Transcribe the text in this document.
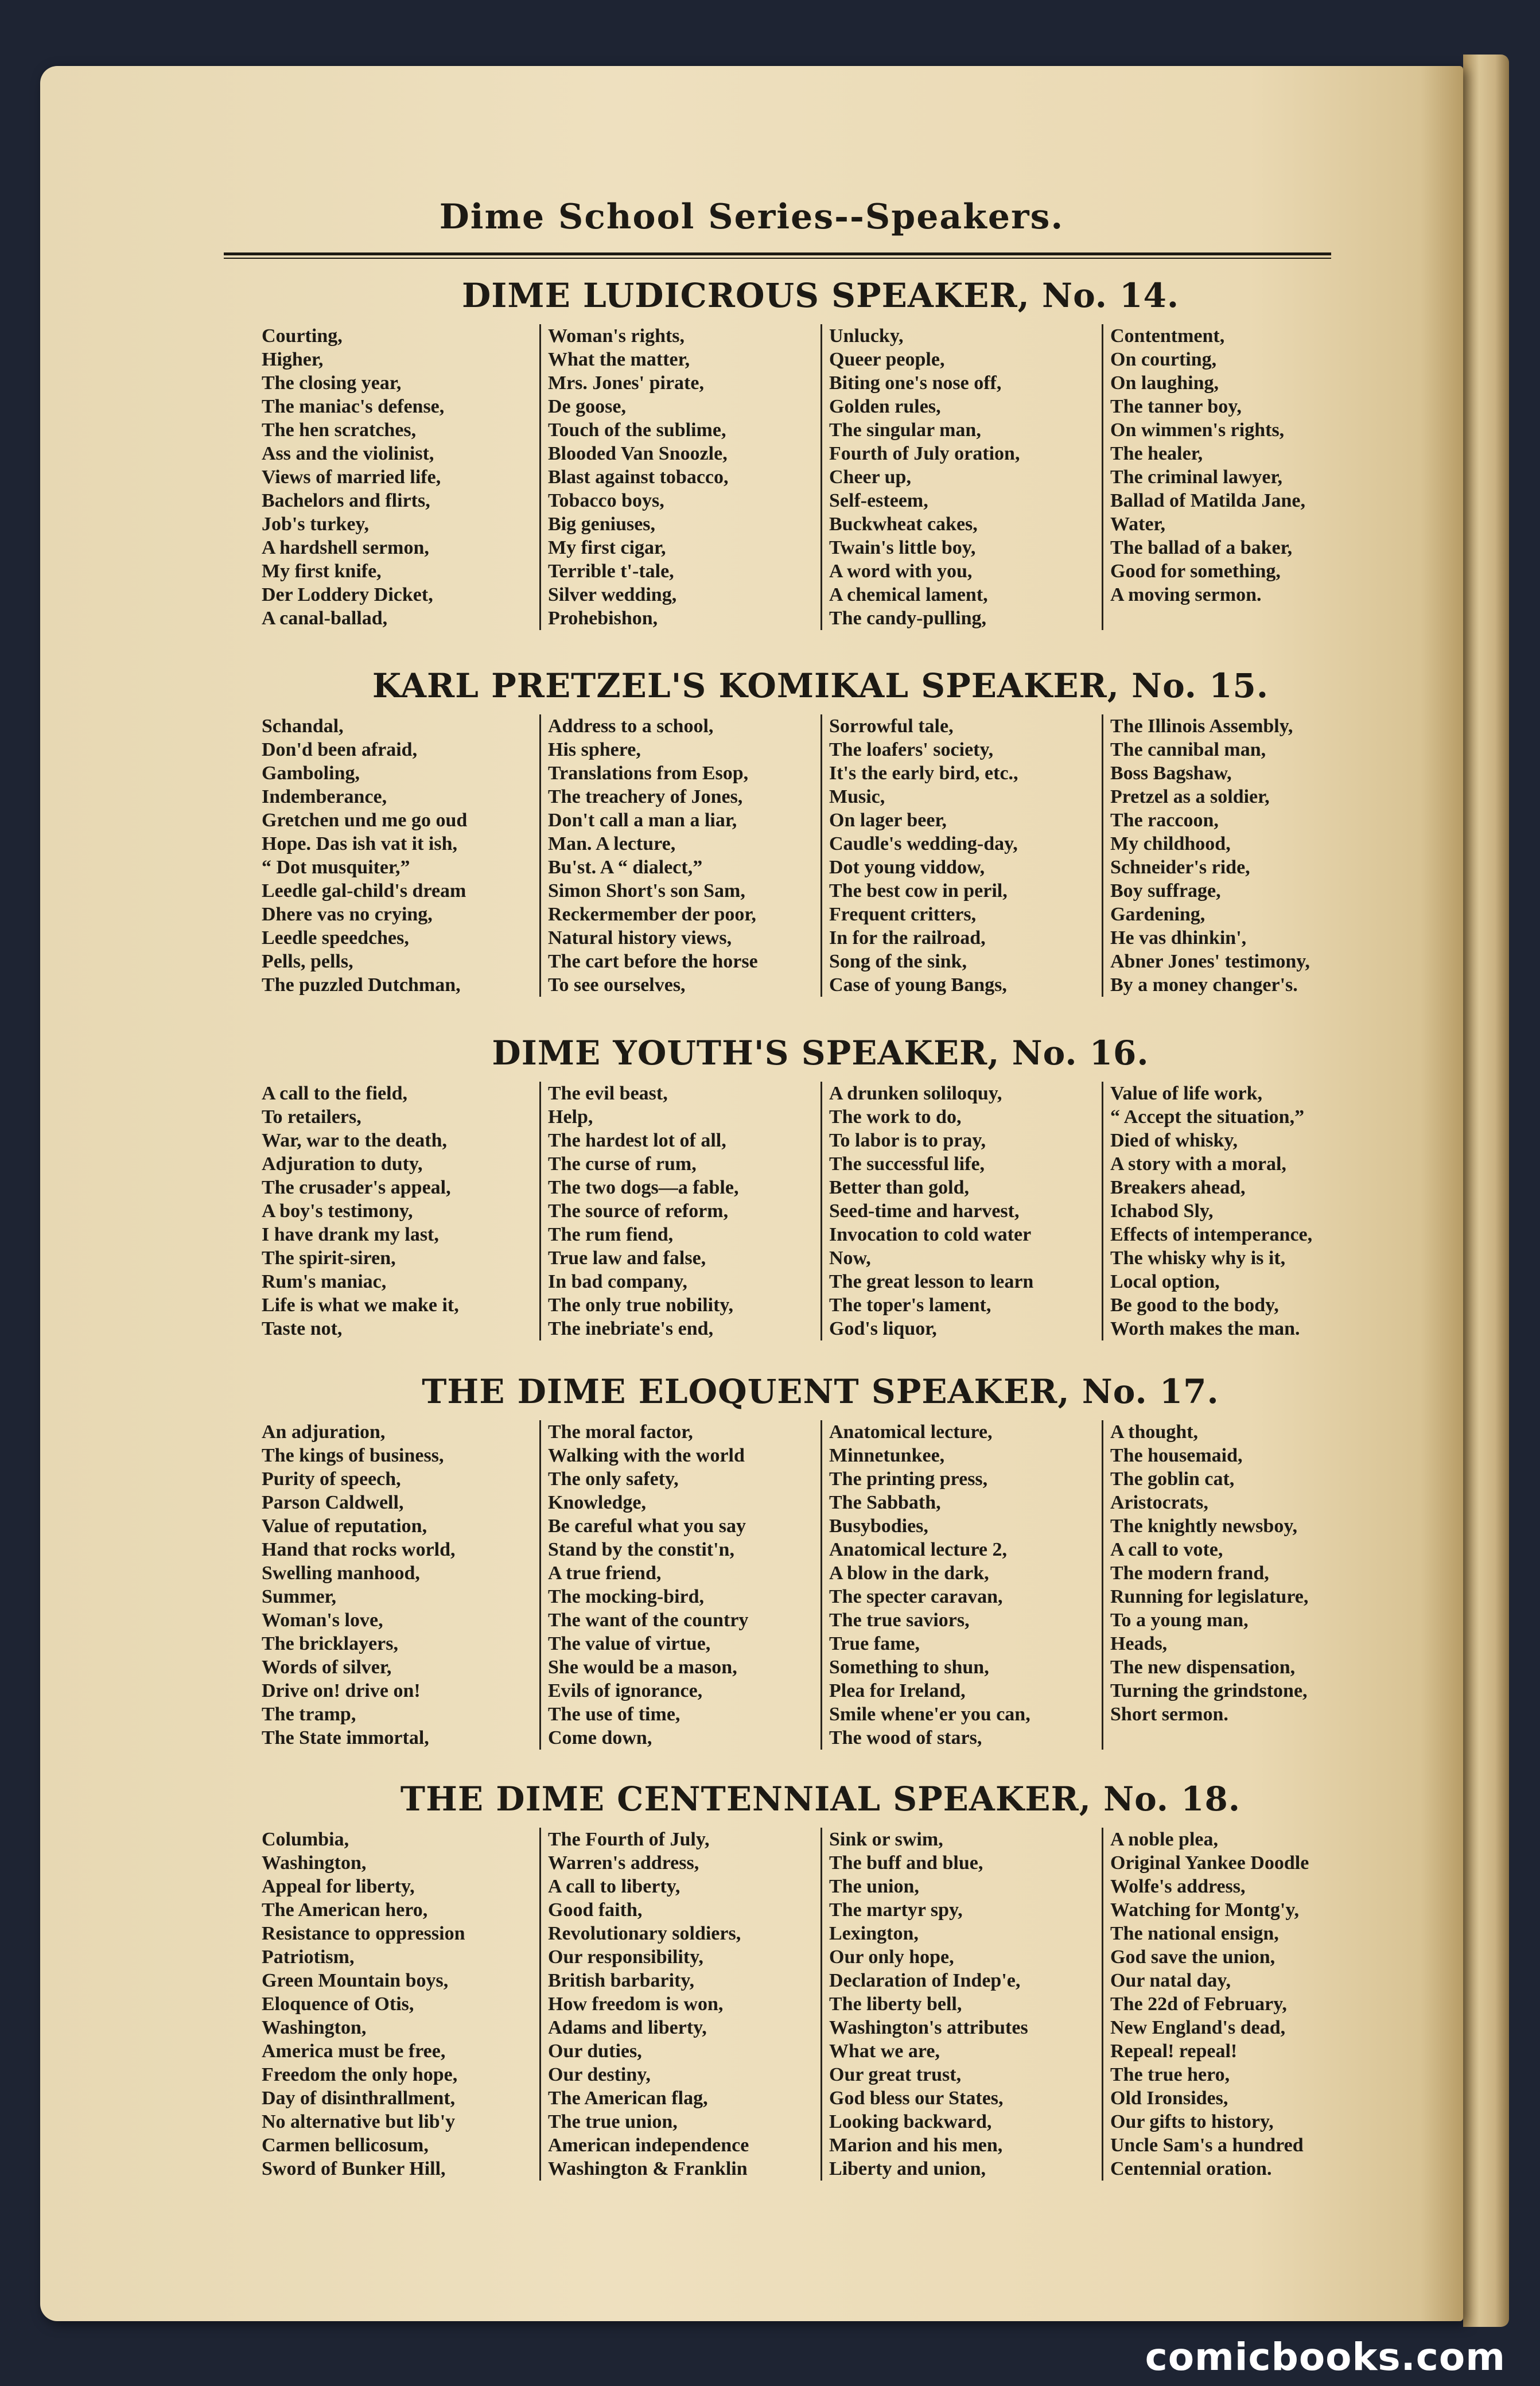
Dime School Series--Speakers.
DIME LUDICROUS SPEAKER, No. 14.
Courting,
Higher,
The closing year,
The maniac's defense,
The hen scratches,
Ass and the violinist,
Views of married life,
Bachelors and flirts,
Job's turkey,
A hardshell sermon,
My first knife,
Der Loddery Dicket,
A canal-ballad,
Woman's rights,
What the matter,
Mrs. Jones' pirate,
De goose,
Touch of the sublime,
Blooded Van Snoozle,
Blast against tobacco,
Tobacco boys,
Big geniuses,
My first cigar,
Terrible t'-tale,
Silver wedding,
Prohebishon,
Unlucky,
Queer people,
Biting one's nose off,
Golden rules,
The singular man,
Fourth of July oration,
Cheer up,
Self-esteem,
Buckwheat cakes,
Twain's little boy,
A word with you,
A chemical lament,
The candy-pulling,
Contentment,
On courting,
On laughing,
The tanner boy,
On wimmen's rights,
The healer,
The criminal lawyer,
Ballad of Matilda Jane,
Water,
The ballad of a baker,
Good for something,
A moving sermon.
KARL PRETZEL'S KOMIKAL SPEAKER, No. 15.
Schandal,
Don'd been afraid,
Gamboling,
Indemberance,
Gretchen und me go oud
Hope. Das ish vat it ish,
“ Dot musquiter,”
Leedle gal-child's dream
Dhere vas no crying,
Leedle speedches,
Pells, pells,
The puzzled Dutchman,
Address to a school,
His sphere,
Translations from Esop,
The treachery of Jones,
Don't call a man a liar,
Man. A lecture,
Bu'st. A “ dialect,”
Simon Short's son Sam,
Reckermember der poor,
Natural history views,
The cart before the horse
To see ourselves,
Sorrowful tale,
The loafers' society,
It's the early bird, etc.,
Music,
On lager beer,
Caudle's wedding-day,
Dot young viddow,
The best cow in peril,
Frequent critters,
In for the railroad,
Song of the sink,
Case of young Bangs,
The Illinois Assembly,
The cannibal man,
Boss Bagshaw,
Pretzel as a soldier,
The raccoon,
My childhood,
Schneider's ride,
Boy suffrage,
Gardening,
He vas dhinkin',
Abner Jones' testimony,
By a money changer's.
DIME YOUTH'S SPEAKER, No. 16.
A call to the field,
To retailers,
War, war to the death,
Adjuration to duty,
The crusader's appeal,
A boy's testimony,
I have drank my last,
The spirit-siren,
Rum's maniac,
Life is what we make it,
Taste not,
The evil beast,
Help,
The hardest lot of all,
The curse of rum,
The two dogs—a fable,
The source of reform,
The rum fiend,
True law and false,
In bad company,
The only true nobility,
The inebriate's end,
A drunken soliloquy,
The work to do,
To labor is to pray,
The successful life,
Better than gold,
Seed-time and harvest,
Invocation to cold water
Now,
The great lesson to learn
The toper's lament,
God's liquor,
Value of life work,
“ Accept the situation,”
Died of whisky,
A story with a moral,
Breakers ahead,
Ichabod Sly,
Effects of intemperance,
The whisky why is it,
Local option,
Be good to the body,
Worth makes the man.
THE DIME ELOQUENT SPEAKER, No. 17.
An adjuration,
The kings of business,
Purity of speech,
Parson Caldwell,
Value of reputation,
Hand that rocks world,
Swelling manhood,
Summer,
Woman's love,
The bricklayers,
Words of silver,
Drive on! drive on!
The tramp,
The State immortal,
The moral factor,
Walking with the world
The only safety,
Knowledge,
Be careful what you say
Stand by the constit'n,
A true friend,
The mocking-bird,
The want of the country
The value of virtue,
She would be a mason,
Evils of ignorance,
The use of time,
Come down,
Anatomical lecture,
Minnetunkee,
The printing press,
The Sabbath,
Busybodies,
Anatomical lecture 2,
A blow in the dark,
The specter caravan,
The true saviors,
True fame,
Something to shun,
Plea for Ireland,
Smile whene'er you can,
The wood of stars,
A thought,
The housemaid,
The goblin cat,
Aristocrats,
The knightly newsboy,
A call to vote,
The modern frand,
Running for legislature,
To a young man,
Heads,
The new dispensation,
Turning the grindstone,
Short sermon.
THE DIME CENTENNIAL SPEAKER, No. 18.
Columbia,
Washington,
Appeal for liberty,
The American hero,
Resistance to oppression
Patriotism,
Green Mountain boys,
Eloquence of Otis,
Washington,
America must be free,
Freedom the only hope,
Day of disinthrallment,
No alternative but lib'y
Carmen bellicosum,
Sword of Bunker Hill,
The Fourth of July,
Warren's address,
A call to liberty,
Good faith,
Revolutionary soldiers,
Our responsibility,
British barbarity,
How freedom is won,
Adams and liberty,
Our duties,
Our destiny,
The American flag,
The true union,
American independence
Washington & Franklin
Sink or swim,
The buff and blue,
The union,
The martyr spy,
Lexington,
Our only hope,
Declaration of Indep'e,
The liberty bell,
Washington's attributes
What we are,
Our great trust,
God bless our States,
Looking backward,
Marion and his men,
Liberty and union,
A noble plea,
Original Yankee Doodle
Wolfe's address,
Watching for Montg'y,
The national ensign,
God save the union,
Our natal day,
The 22d of February,
New England's dead,
Repeal! repeal!
The true hero,
Old Ironsides,
Our gifts to history,
Uncle Sam's a hundred
Centennial oration.
comicbooks.com
